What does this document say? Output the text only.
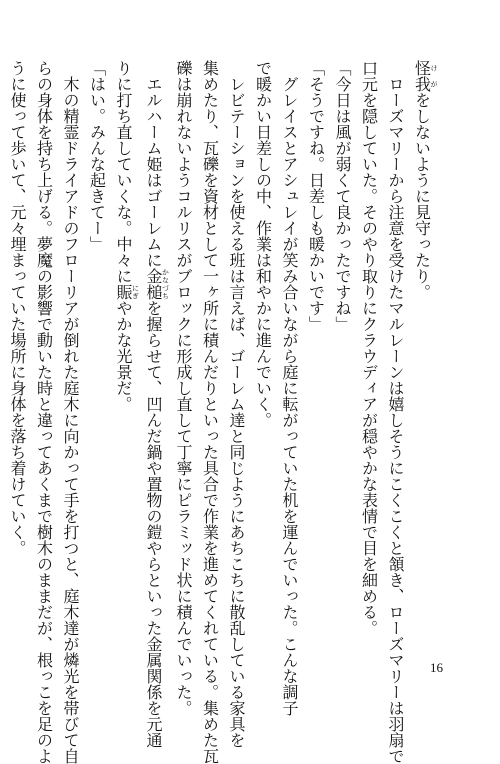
怪我けがをしないように見守ったり。
　ローズマリーから注意を受けたマルレーンは嬉しそうにこくこくと頷き、ローズマリーは羽扇で
口元を隠していた。そのやり取りにクラウディアが穏やかな表情で目を細める。
「今日は風が弱くて良かったですね」
「そうですね。日差しも暖かいです」
　グレイスとアシュレイが笑み合いながら庭に転がっていた机を運んでいった。こんな調子
で暖かい日差しの中、作業は和やかに進んでいく。
　レビテーションを使える班は言えば、ゴーレム達と同じようにあちこちに散乱している家具を
集めたり、瓦礫を資材として一ヶ所に積んだりといった具合で作業を進めてくれている。集めた瓦
礫は崩れないようコルリスがブロックに形成し直して丁寧にピラミッド状に積んでいった。
　エルハーム姫はゴーレムに金槌かなづちを握らせて、凹んだ鍋や置物の鎧やらといった金属関係を元通
りに打ち直していくな。中々に賑にぎやかな光景だ。
「はい。みんな起きてー」
　木の精霊ドライアドのフローリアが倒れた庭木に向かって手を打つと、庭木達が燐光を帯びて自
らの身体を持ち上げる。夢魔の影響で動いた時と違ってあくまで樹木のままだが、根っこを足のよ
うに使って歩いて、元々埋まっていた場所に身体を落ち着けていく。
16
